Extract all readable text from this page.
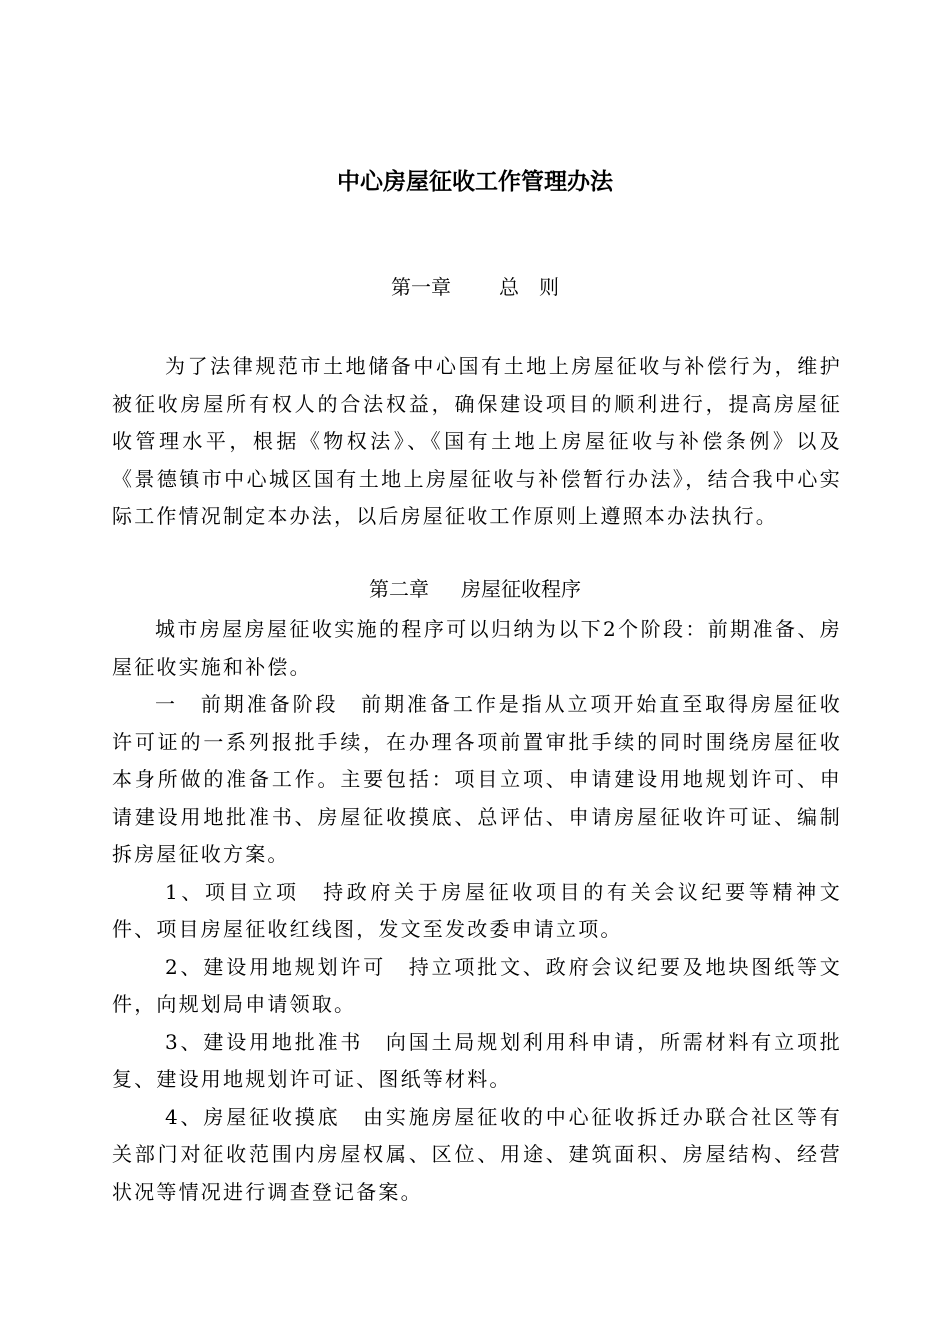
中心房屋征收工作管理办法
第一章 总　则

为了法律规范市土地储备中心国有土地上房屋征收与补偿行为，维护被征收房屋所有权人的合法权益，确保建设项目的顺利进行，提高房屋征收管理水平，根据《物权法》、《国有土地上房屋征收与补偿条例》以及《景德镇市中心城区国有土地上房屋征收与补偿暂行办法》，结合我中心实际工作情况制定本办法，以后房屋征收工作原则上遵照本办法执行。

第二章 房屋征收程序

城市房屋房屋征收实施的程序可以归纳为以下2个阶段：前期准备、房屋征收实施和补偿。

一　前期准备阶段 前期准备工作是指从立项开始直至取得房屋征收许可证的一系列报批手续，在办理各项前置审批手续的同时围绕房屋征收本身所做的准备工作。主要包括：项目立项、申请建设用地规划许可、申请建设用地批准书、房屋征收摸底、总评估、申请房屋征收许可证、编制拆房屋征收方案。

1、项目立项 持政府关于房屋征收项目的有关会议纪要等精神文件、项目房屋征收红线图，发文至发改委申请立项。

2、建设用地规划许可 持立项批文、政府会议纪要及地块图纸等文件，向规划局申请领取。

3、建设用地批准书 向国土局规划利用科申请，所需材料有立项批复、建设用地规划许可证、图纸等材料。

4、房屋征收摸底 由实施房屋征收的中心征收拆迁办联合社区等有关部门对征收范围内房屋权属、区位、用途、建筑面积、房屋结构、经营状况等情况进行调查登记备案。
